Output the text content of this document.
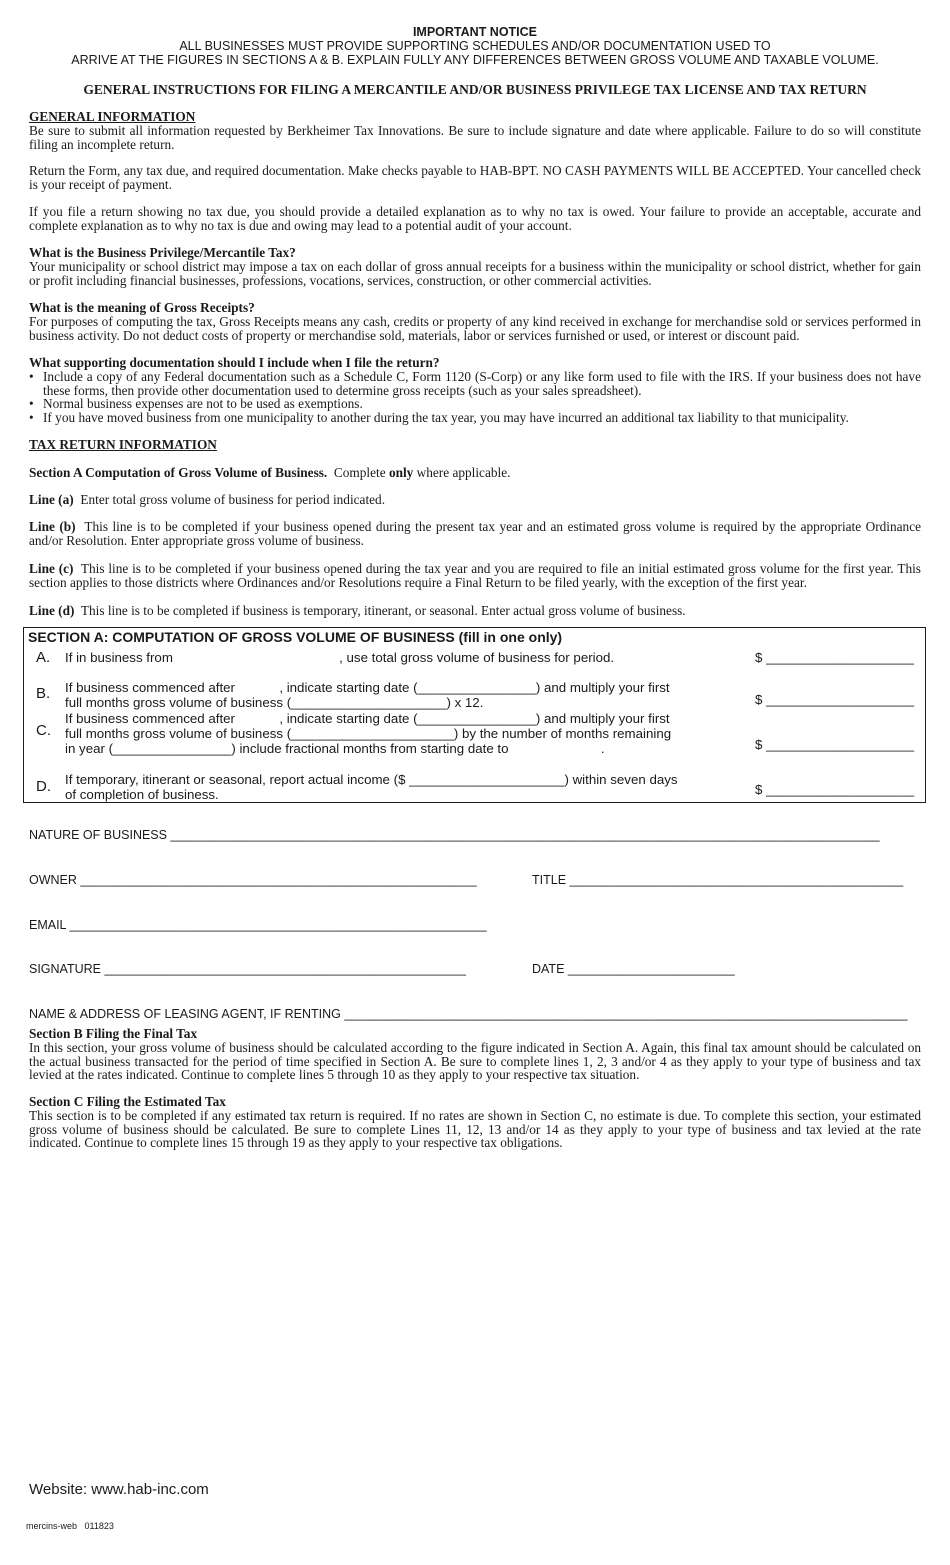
IMPORTANT NOTICE
ALL BUSINESSES MUST PROVIDE SUPPORTING SCHEDULES AND/OR DOCUMENTATION USED TO
ARRIVE AT THE FIGURES IN SECTIONS A & B. EXPLAIN FULLY ANY DIFFERENCES BETWEEN GROSS VOLUME AND TAXABLE VOLUME.
GENERAL INSTRUCTIONS FOR FILING A MERCANTILE AND/OR BUSINESS PRIVILEGE TAX LICENSE AND TAX RETURN
GENERAL INFORMATION
Be sure to submit all information requested by Berkheimer Tax Innovations. Be sure to include signature and date where applicable. Failure to do so will constitute filing an incomplete return.
Return the Form, any tax due, and required documentation. Make checks payable to HAB-BPT. NO CASH PAYMENTS WILL BE ACCEPTED. Your cancelled check is your receipt of payment.
If you file a return showing no tax due, you should provide a detailed explanation as to why no tax is owed. Your failure to provide an acceptable, accurate and complete explanation as to why no tax is due and owing may lead to a potential audit of your account.
What is the Business Privilege/Mercantile Tax?
Your municipality or school district may impose a tax on each dollar of gross annual receipts for a business within the municipality or school district, whether for gain or profit including financial businesses, professions, vocations, services, construction, or other commercial activities.
What is the meaning of Gross Receipts?
For purposes of computing the tax, Gross Receipts means any cash, credits or property of any kind received in exchange for merchandise sold or services performed in business activity. Do not deduct costs of property or merchandise sold, materials, labor or services furnished or used, or interest or discount paid.
What supporting documentation should I include when I file the return?
• Include a copy of any Federal documentation such as a Schedule C, Form 1120 (S-Corp) or any like form used to file with the IRS. If your business does not have these forms, then provide other documentation used to determine gross receipts (such as your sales spreadsheet).
• Normal business expenses are not to be used as exemptions.
• If you have moved business from one municipality to another during the tax year, you may have incurred an additional tax liability to that municipality.
TAX RETURN INFORMATION
Section A Computation of Gross Volume of Business. Complete only where applicable.
Line (a) Enter total gross volume of business for period indicated.
Line (b) This line is to be completed if your business opened during the present tax year and an estimated gross volume is required by the appropriate Ordinance and/or Resolution. Enter appropriate gross volume of business.
Line (c) This line is to be completed if your business opened during the tax year and you are required to file an initial estimated gross volume for the first year. This section applies to those districts where Ordinances and/or Resolutions require a Final Return to be filed yearly, with the exception of the first year.
Line (d) This line is to be completed if business is temporary, itinerant, or seasonal. Enter actual gross volume of business.
SECTION A: COMPUTATION OF GROSS VOLUME OF BUSINESS (fill in one only)
A. If in business from                                             , use total gross volume of business for period.	$ ____________________
B. If business commenced after            , indicate starting date (________________) and multiply your first
full months gross volume of business (_____________________) x 12.	$ ____________________
C.
If business commenced after            , indicate starting date (________________) and multiply your first
full months gross volume of business (______________________) by the number of months remaining
in year (________________) include fractional months from starting date to                         .	$ ____________________
D. If temporary, itinerant or seasonal, report actual income ($ _____________________) within seven days
of completion of business.	$ ____________________
NATURE OF BUSINESS ______________________________________________________________________________________________________
OWNER _________________________________________________________	TITLE ________________________________________________
EMAIL ____________________________________________________________
SIGNATURE ____________________________________________________	DATE ________________________
NAME & ADDRESS OF LEASING AGENT, IF RENTING _________________________________________________________________________________
Section B Filing the Final Tax
In this section, your gross volume of business should be calculated according to the figure indicated in Section A. Again, this final tax amount should be calculated on the actual business transacted for the period of time specified in Section A. Be sure to complete lines 1, 2, 3 and/or 4 as they apply to your type of business and tax levied at the rates indicated. Continue to complete lines 5 through 10 as they apply to your respective tax situation.
Section C Filing the Estimated Tax
This section is to be completed if any estimated tax return is required. If no rates are shown in Section C, no estimate is due. To complete this section, your estimated gross volume of business should be calculated. Be sure to complete Lines 11, 12, 13 and/or 14 as they apply to your type of business and tax levied at the rate indicated. Continue to complete lines 15 through 19 as they apply to your respective tax obligations.
Website: www.hab-inc.com
mercins-web   011823
